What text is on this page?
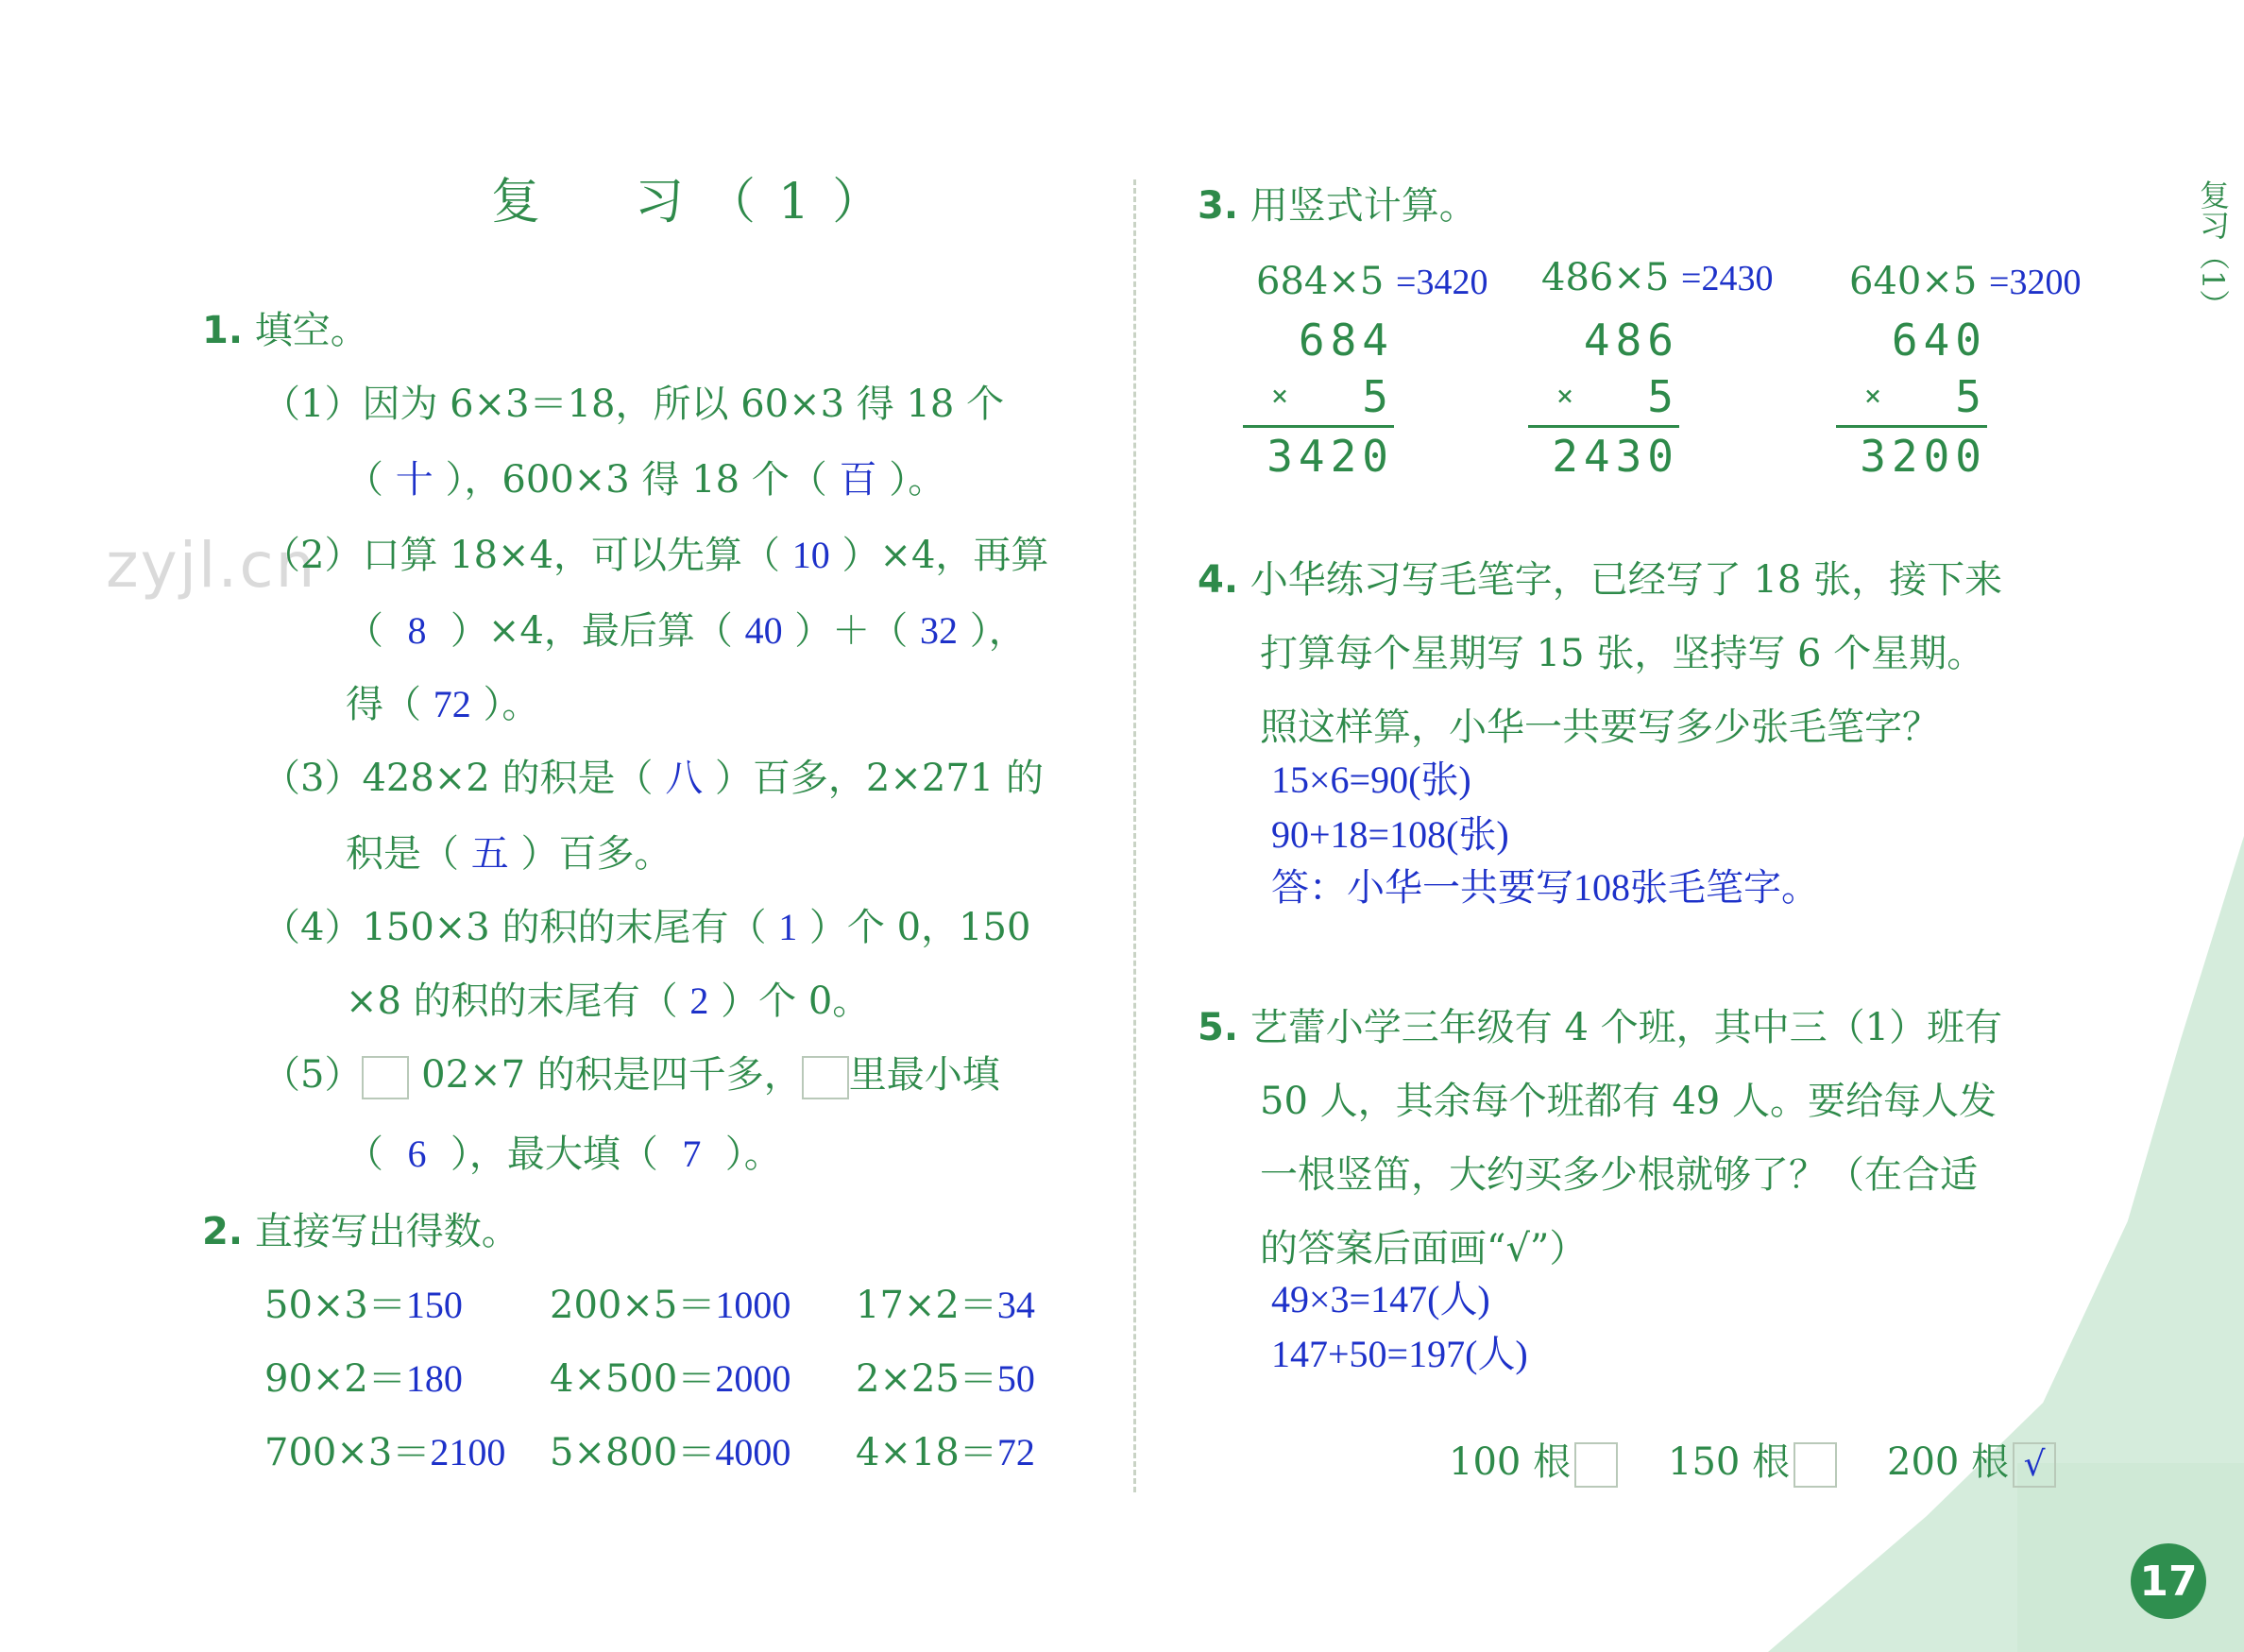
zyjl.cn
复习（1）
17
复　习（1）
1. 填空。
（1）因为 6×3＝18，所以 60×3 得 18 个
（ 十 ），600×3 得 18 个（ 百 ）。
（2）口算 18×4，可以先算（ 10 ）×4，再算
（ 8 ）×4，最后算（ 40 ）＋（ 32 ），
得（ 72 ）。
（3）428×2 的积是（ 八 ）百多，2×271 的
积是（ 五 ）百多。
（4）150×3 的积的末尾有（ 1 ）个 0，150
×8 的积的末尾有（ 2 ）个 0。
（5） 02×7 的积是四千多， 里最小填
（ 6 ），最大填（ 7 ）。
2. 直接写出得数。
50×3＝150 200×5＝1000 17×2＝34
90×2＝180 4×500＝2000 2×25＝50
700×3＝2100 5×800＝4000 4×18＝72
3. 用竖式计算。
684×5 =3420 486×5 =2430 640×5 =3200
684
× 5
3420
486
× 5
2430
640
× 5
3200
4. 小华练习写毛笔字，已经写了 18 张，接下来
打算每个星期写 15 张，坚持写 6 个星期。
照这样算，小华一共要写多少张毛笔字？
15×6=90(张)
90+18=108(张)
答：小华一共要写108张毛笔字。
5. 艺蕾小学三年级有 4 个班，其中三（1）班有
50 人，其余每个班都有 49 人。要给每人发
一根竖笛，大约买多少根就够了？（在合适
的答案后面画“√”）
49×3=147(人)
147+50=197(人)
100 根	150 根	200 根 √
